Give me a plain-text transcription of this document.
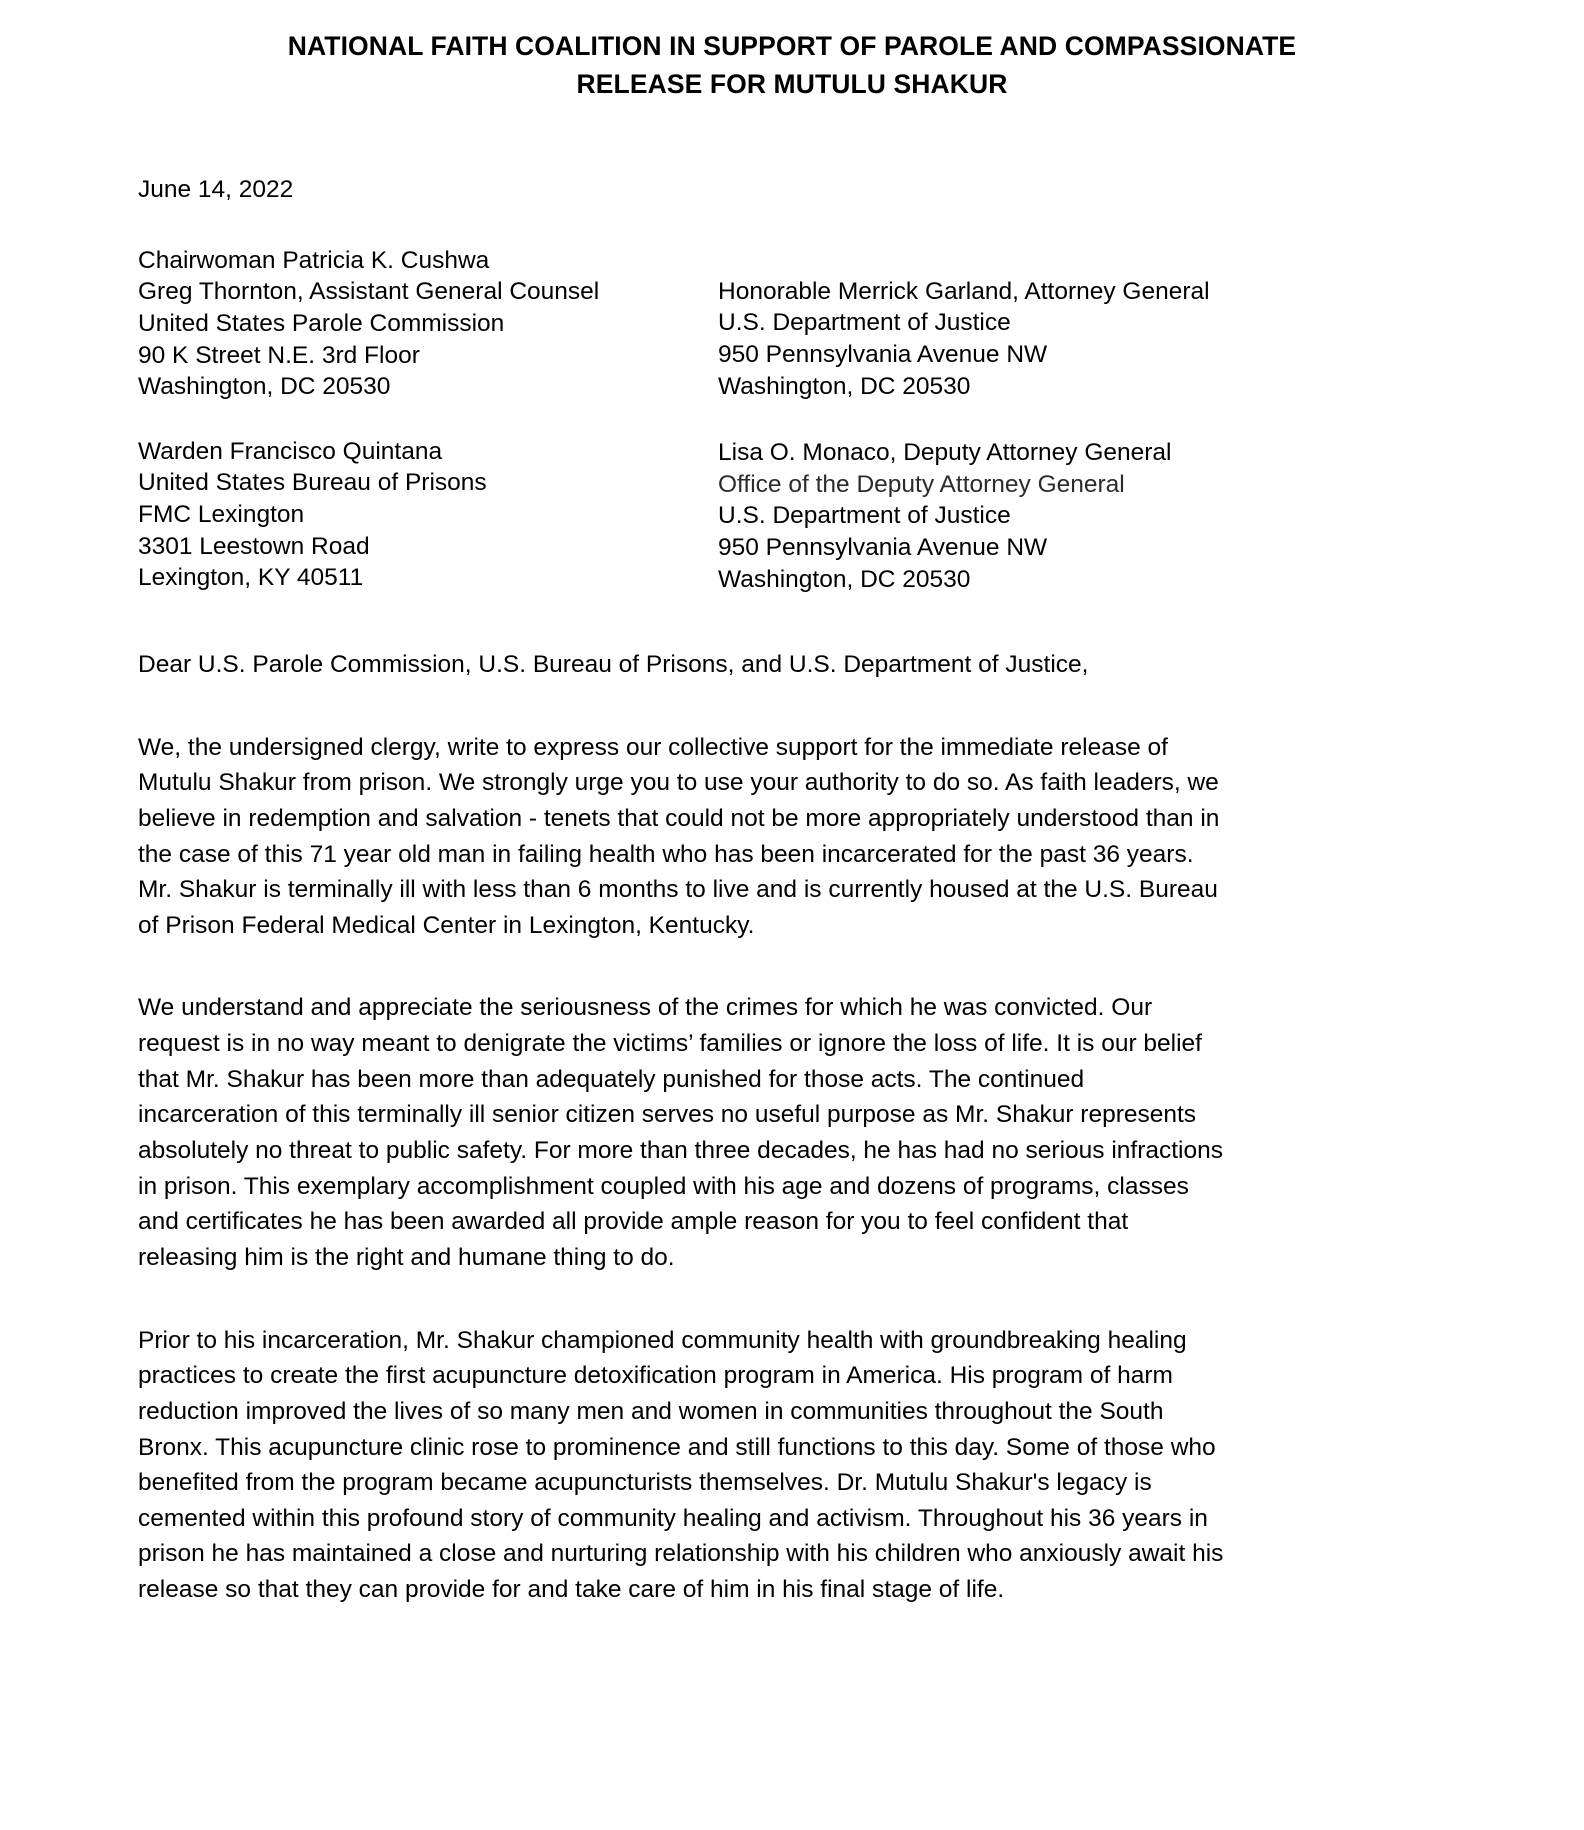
NATIONAL FAITH COALITION IN SUPPORT OF PAROLE AND COMPASSIONATE
RELEASE FOR MUTULU SHAKUR
June 14, 2022
Chairwoman Patricia K. Cushwa
Greg Thornton, Assistant General Counsel
United States Parole Commission
90 K Street N.E. 3rd Floor
Washington, DC 20530
Warden Francisco Quintana
United States Bureau of Prisons
FMC Lexington
3301 Leestown Road
Lexington, KY 40511
Honorable Merrick Garland, Attorney General
U.S. Department of Justice
950 Pennsylvania Avenue NW
Washington, DC 20530
Lisa O. Monaco, Deputy Attorney General
Office of the Deputy Attorney General
U.S. Department of Justice
950 Pennsylvania Avenue NW
Washington, DC 20530
Dear U.S. Parole Commission, U.S. Bureau of Prisons, and U.S. Department of Justice,

We, the undersigned clergy, write to express our collective support for the immediate release of Mutulu Shakur from prison. We strongly urge you to use your authority to do so. As faith leaders, we believe in redemption and salvation - tenets that could not be more appropriately understood than in the case of this 71 year old man in failing health who has been incarcerated for the past 36 years. Mr. Shakur is terminally ill with less than 6 months to live and is currently housed at the U.S. Bureau of Prison Federal Medical Center in Lexington, Kentucky.

We understand and appreciate the seriousness of the crimes for which he was convicted. Our request is in no way meant to denigrate the victims’ families or ignore the loss of life. It is our belief that Mr. Shakur has been more than adequately punished for those acts. The continued incarceration of this terminally ill senior citizen serves no useful purpose as Mr. Shakur represents absolutely no threat to public safety. For more than three decades, he has had no serious infractions in prison. This exemplary accomplishment coupled with his age and dozens of programs, classes and certificates he has been awarded all provide ample reason for you to feel confident that releasing him is the right and humane thing to do.

Prior to his incarceration, Mr. Shakur championed community health with groundbreaking healing practices to create the first acupuncture detoxification program in America. His program of harm reduction improved the lives of so many men and women in communities throughout the South Bronx. This acupuncture clinic rose to prominence and still functions to this day. Some of those who benefited from the program became acupuncturists themselves. Dr. Mutulu Shakur's legacy is cemented within this profound story of community healing and activism. Throughout his 36 years in prison he has maintained a close and nurturing relationship with his children who anxiously await his release so that they can provide for and take care of him in his final stage of life.
